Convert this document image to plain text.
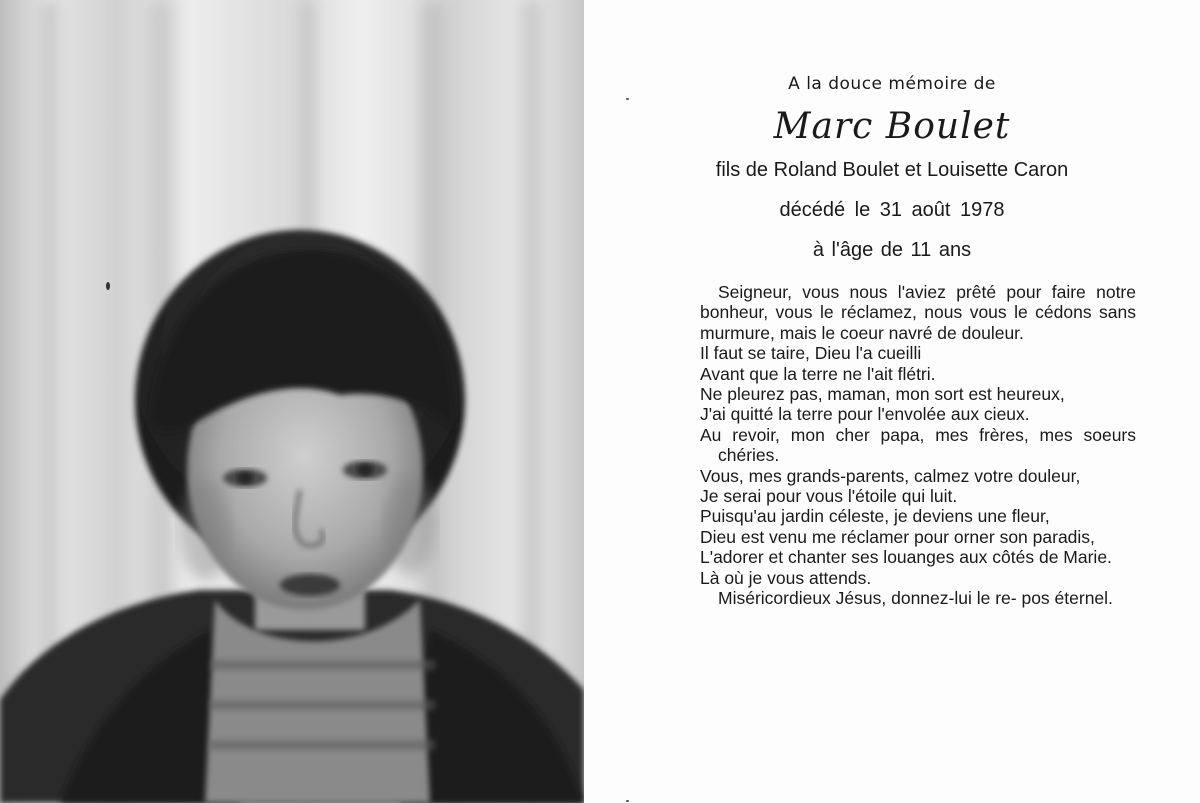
A la douce mémoire de
Marc Boulet
fils de Roland Boulet et Louisette Caron
décédé le 31 août 1978
à l'âge de 11 ans
Seigneur, vous nous l'aviez prêté pour faire notre bonheur, vous le réclamez, nous vous le cédons sans murmure, mais le coeur navré de douleur.
Il faut se taire, Dieu l'a cueilli
Avant que la terre ne l'ait flétri.
Ne pleurez pas, maman, mon sort est heureux,
J'ai quitté la terre pour l'envolée aux cieux.
Au revoir, mon cher papa, mes frères, mes soeurs chéries.
Vous, mes grands-parents, calmez votre douleur,
Je serai pour vous l'étoile qui luit.
Puisqu'au jardin céleste, je deviens une fleur,
Dieu est venu me réclamer pour orner son paradis,
L'adorer et chanter ses louanges aux côtés de Marie.
Là où je vous attends.
Miséricordieux Jésus, donnez-lui le re- pos éternel.
